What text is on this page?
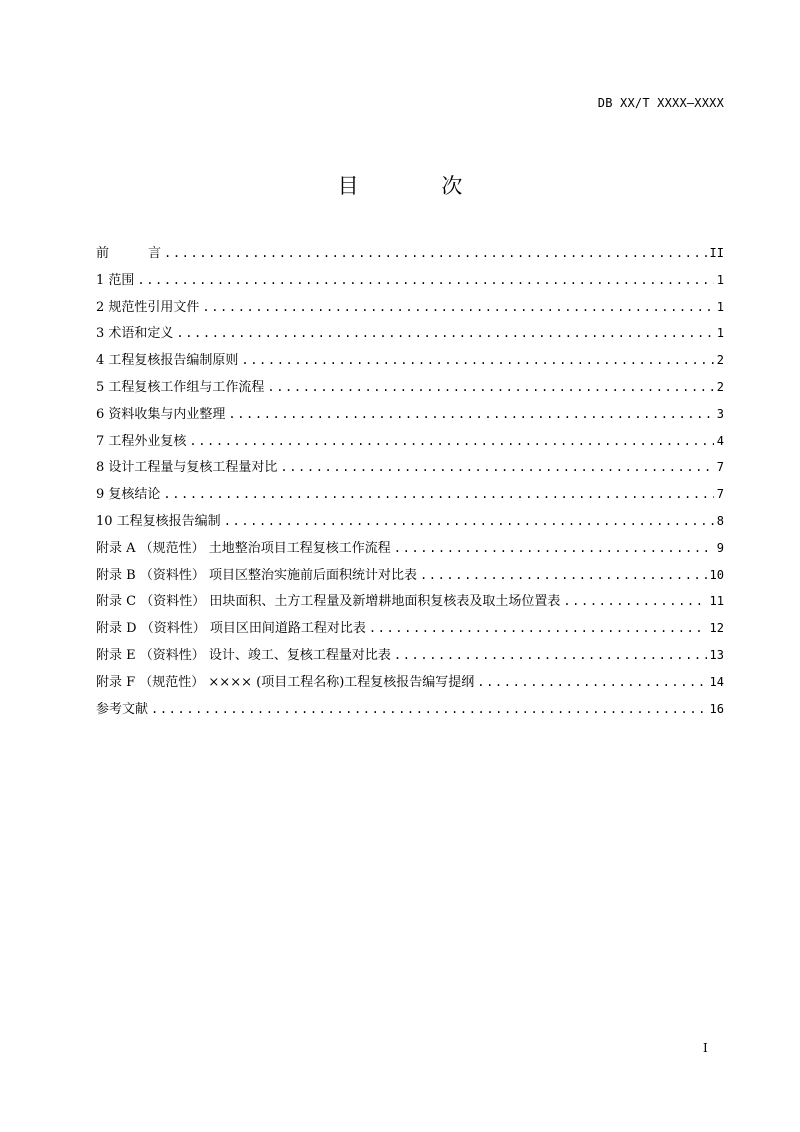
DB XX/T XXXX—XXXX
目 次
前　　　言 .....	II
1 范围 .....	1
2 规范性引用文件 .....	1
3 术语和定义 .....	1
4 工程复核报告编制原则 .....	2
5 工程复核工作组与工作流程 .....	2
6 资料收集与内业整理 .....	3
7 工程外业复核 .....	4
8 设计工程量与复核工程量对比 .....	7
9 复核结论 .....	7
10 工程复核报告编制 .....	8
附录 A （规范性） 土地整治项目工程复核工作流程 .....	9
附录 B （资料性） 项目区整治实施前后面积统计对比表 .....	10
附录 C （资料性） 田块面积、土方工程量及新增耕地面积复核表及取土场位置表 .....	11
附录 D （资料性） 项目区田间道路工程对比表 .....	12
附录 E （资料性） 设计、竣工、复核工程量对比表 .....	13
附录 F （规范性） ×××× (项目工程名称)工程复核报告编写提纲 .....	14
参考文献 .....	16
I
